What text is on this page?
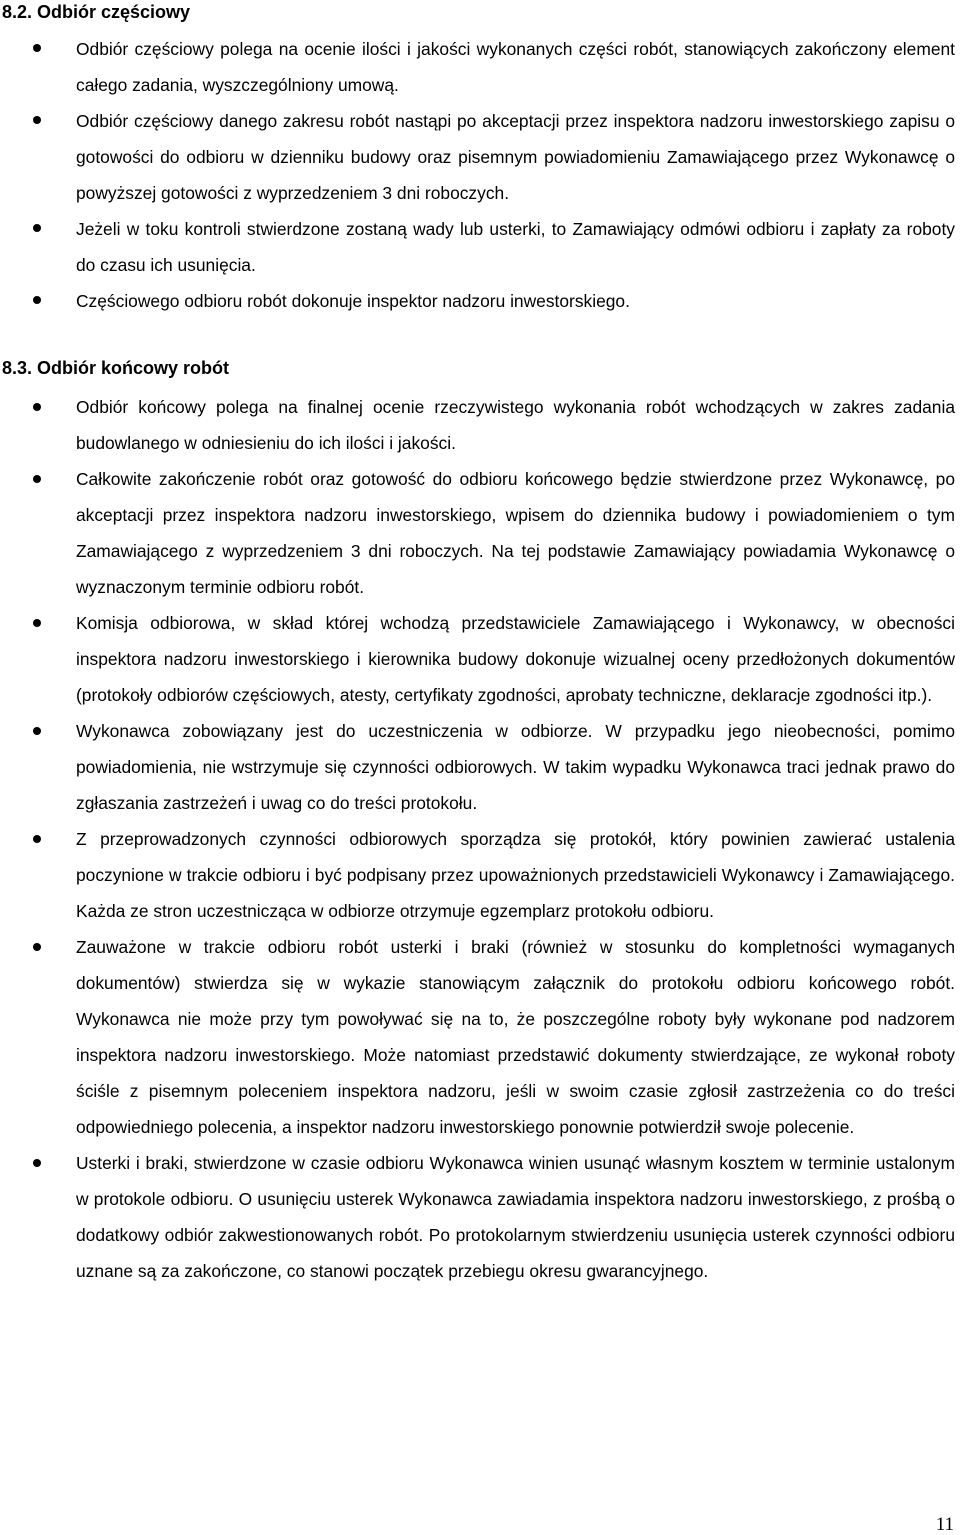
8.2. Odbiór częściowy
Odbiór częściowy polega na ocenie ilości i jakości wykonanych części robót, stanowiących zakończony element całego zadania, wyszczególniony umową.
Odbiór częściowy danego zakresu robót nastąpi po akceptacji przez inspektora nadzoru inwestorskiego zapisu o gotowości do odbioru w dzienniku budowy oraz pisemnym powiadomieniu Zamawiającego przez Wykonawcę o powyższej gotowości z wyprzedzeniem 3 dni roboczych.
Jeżeli w toku kontroli stwierdzone zostaną wady lub usterki, to Zamawiający odmówi odbioru i zapłaty za roboty do czasu ich usunięcia.
Częściowego odbioru robót dokonuje inspektor nadzoru inwestorskiego.
8.3. Odbiór końcowy robót
Odbiór końcowy polega na finalnej ocenie rzeczywistego wykonania robót wchodzących w zakres zadania budowlanego w odniesieniu do ich ilości i jakości.
Całkowite zakończenie robót oraz gotowość do odbioru końcowego będzie stwierdzone przez Wykonawcę, po akceptacji przez inspektora nadzoru inwestorskiego, wpisem do dziennika budowy i powiadomieniem o tym Zamawiającego z wyprzedzeniem 3 dni roboczych. Na tej podstawie Zamawiający powiadamia Wykonawcę o wyznaczonym terminie odbioru robót.
Komisja odbiorowa, w skład której wchodzą przedstawiciele Zamawiającego i Wykonawcy, w obecności inspektora nadzoru inwestorskiego i kierownika budowy dokonuje wizualnej oceny przedłożonych dokumentów (protokoły odbiorów częściowych, atesty, certyfikaty zgodności, aprobaty techniczne, deklaracje zgodności itp.).
Wykonawca zobowiązany jest do uczestniczenia w odbiorze. W przypadku jego nieobecności, pomimo powiadomienia, nie wstrzymuje się czynności odbiorowych. W takim wypadku Wykonawca traci jednak prawo do zgłaszania zastrzeżeń i uwag co do treści protokołu.
Z przeprowadzonych czynności odbiorowych sporządza się protokół, który powinien zawierać ustalenia poczynione w trakcie odbioru i być podpisany przez upoważnionych przedstawicieli Wykonawcy i Zamawiającego. Każda ze stron uczestnicząca w odbiorze otrzymuje egzemplarz protokołu odbioru.
Zauważone w trakcie odbioru robót usterki i braki (również w stosunku do kompletności wymaganych dokumentów) stwierdza się w wykazie stanowiącym załącznik do protokołu odbioru końcowego robót. Wykonawca nie może przy tym powoływać się na to, że poszczególne roboty były wykonane pod nadzorem inspektora nadzoru inwestorskiego. Może natomiast przedstawić dokumenty stwierdzające, ze wykonał roboty ściśle z pisemnym poleceniem inspektora nadzoru, jeśli w swoim czasie zgłosił zastrzeżenia co do treści odpowiedniego polecenia, a inspektor nadzoru inwestorskiego ponownie potwierdził swoje polecenie.
Usterki i braki, stwierdzone w czasie odbioru Wykonawca winien usunąć własnym kosztem w terminie ustalonym w protokole odbioru. O usunięciu usterek Wykonawca zawiadamia inspektora nadzoru inwestorskiego, z prośbą o dodatkowy odbiór zakwestionowanych robót. Po protokolarnym stwierdzeniu usunięcia usterek czynności odbioru uznane są za zakończone, co stanowi początek przebiegu okresu gwarancyjnego.
11
